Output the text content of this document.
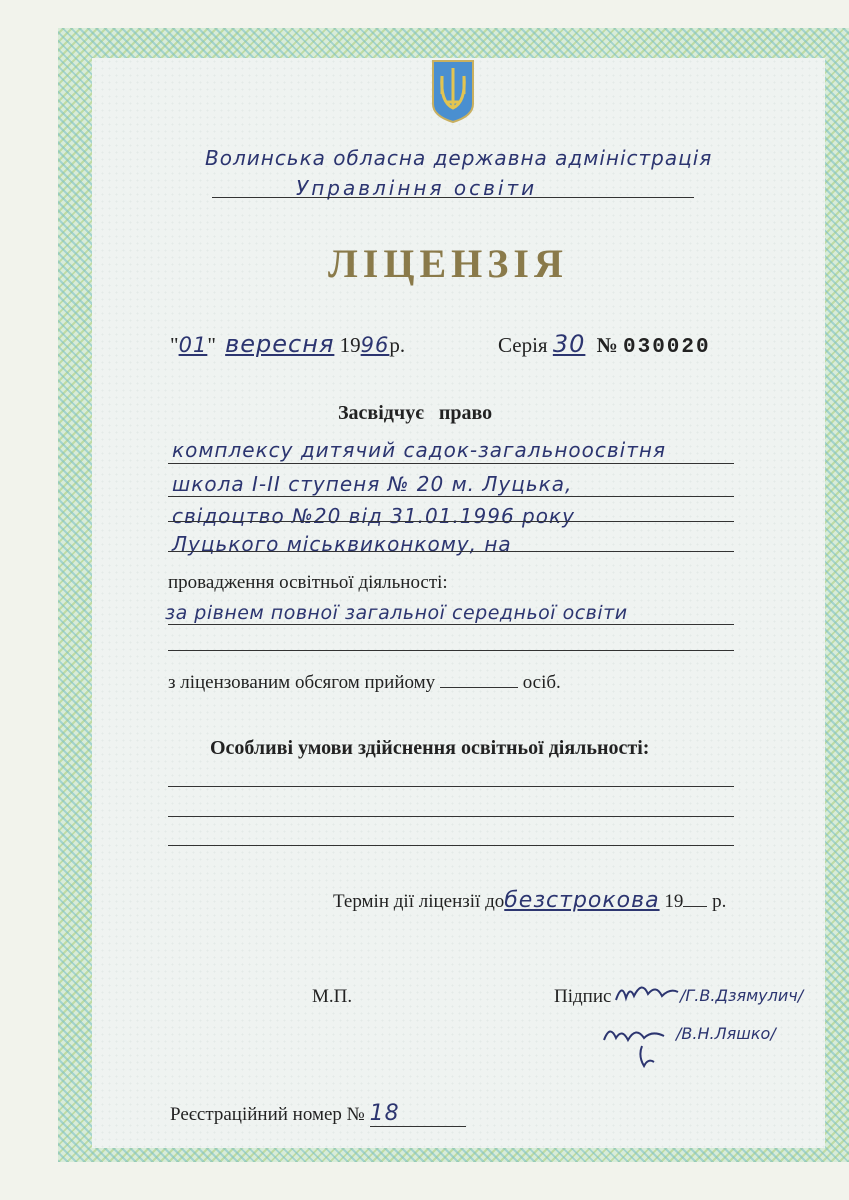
Волинська обласна державна адміністрація
Управління освіти
ЛІЦЕНЗІЯ
"01" вересня 1996р.	Серія 30 № 030020
Засвідчує   право
комплексу дитячий садок-загальноосвітня
школа І-ІІ ступеня № 20 м. Луцька,
свідоцтво №20 від 31.01.1996 року
Луцького міськвиконкому, на
провадження освітньої діяльності:
за рівнем повної загальної середньої освіти
з ліцензованим обсягом прийому	осіб.
Особливі умови здійснення освітньої діяльності:
Термін дії ліцензії добезстрокова 19 р.
М.П.	Підпис	/Г.В.Дзямулич/
/В.Н.Ляшко/
Реєстраційний номер № 18
